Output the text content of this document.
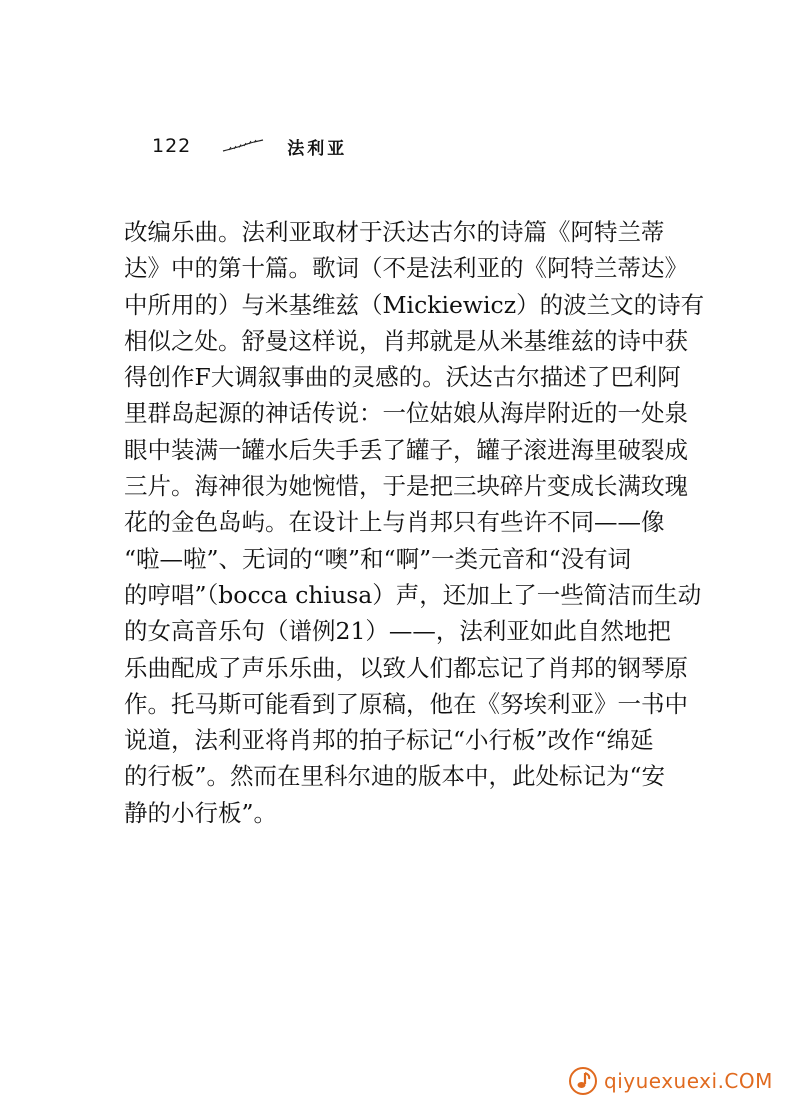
122	法利亚
改编乐曲。法利亚取材于沃达古尔的诗篇《阿特兰蒂
达》中的第十篇。歌词（不是法利亚的《阿特兰蒂达》
中所用的）与米基维兹（Mickiewicz）的波兰文的诗有
相似之处。舒曼这样说，肖邦就是从米基维兹的诗中获
得创作F大调叙事曲的灵感的。沃达古尔描述了巴利阿
里群岛起源的神话传说：一位姑娘从海岸附近的一处泉
眼中装满一罐水后失手丢了罐子，罐子滚进海里破裂成
三片。海神很为她惋惜，于是把三块碎片变成长满玫瑰
花的金色岛屿。在设计上与肖邦只有些许不同——像
“啦—啦”、无词的“噢”和“啊”一类元音和“没有词
的哼唱”（bocca chiusa）声，还加上了一些简洁而生动
的女高音乐句（谱例21）——，法利亚如此自然地把
乐曲配成了声乐乐曲，以致人们都忘记了肖邦的钢琴原
作。托马斯可能看到了原稿，他在《努埃利亚》一书中
说道，法利亚将肖邦的拍子标记“小行板”改作“绵延
的行板”。然而在里科尔迪的版本中，此处标记为“安
静的小行板”。
qiyuexuexi.COM
